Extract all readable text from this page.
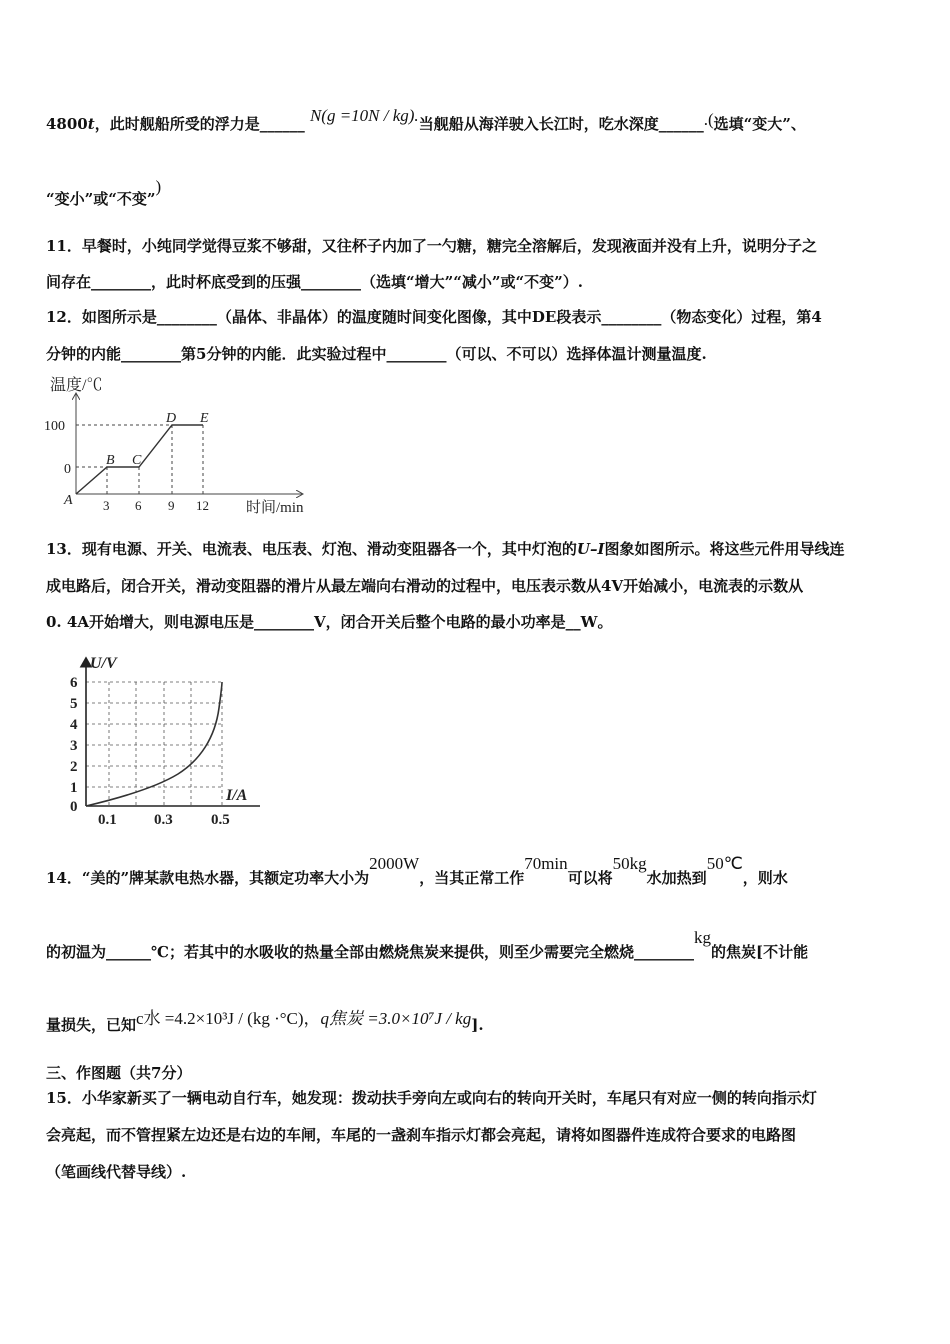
4800t，此时舰船所受的浮力是______ N(g =10N / kg).当舰船从海洋驶入长江时，吃水深度______.(选填“变大”、
“变小”或“不变”)
11．早餐时，小纯同学觉得豆浆不够甜，又往杯子内加了一勺糖，糖完全溶解后，发现液面并没有上升，说明分子之
间存在________，此时杯底受到的压强________（选填“增大”“减小”或“不变”）.
12．如图所示是________（晶体、非晶体）的温度随时间变化图像，其中DE段表示________（物态变化）过程，第4
分钟的内能________第5分钟的内能．此实验过程中________（可以、不可以）选择体温计测量温度.
温度/℃
100
0
A
B C
D E
3 6 9 12 时间/min
13．现有电源、开关、电流表、电压表、灯泡、滑动变阻器各一个，其中灯泡的U–I图象如图所示。将这些元件用导线连
成电路后，闭合开关，滑动变阻器的滑片从最左端向右滑动的过程中，电压表示数从4V开始减小，电流表的示数从
0. 4A开始增大，则电源电压是________V，闭合开关后整个电路的最小功率是__W。
U/V
I/A
6
5
4
3
2
1
0
0.1 0.3	0.5
14．“美的”牌某款电热水器，其额定功率大小为2000W，当其正常工作70min可以将50kg水加热到50℃，则水
的初温为______℃；若其中的水吸收的热量全部由燃烧焦炭来提供，则至少需要完全燃烧________kg的焦炭[不计能
量损失，已知c水 =4.2×10³J / (kg ·°C)，q焦炭 =3.0×10⁷J / kg].
三、作图题（共7分）
15．小华家新买了一辆电动自行车，她发现：拨动扶手旁向左或向右的转向开关时，车尾只有对应一侧的转向指示灯
会亮起，而不管捏紧左边还是右边的车闸，车尾的一盏刹车指示灯都会亮起，请将如图器件连成符合要求的电路图
（笔画线代替导线）.
